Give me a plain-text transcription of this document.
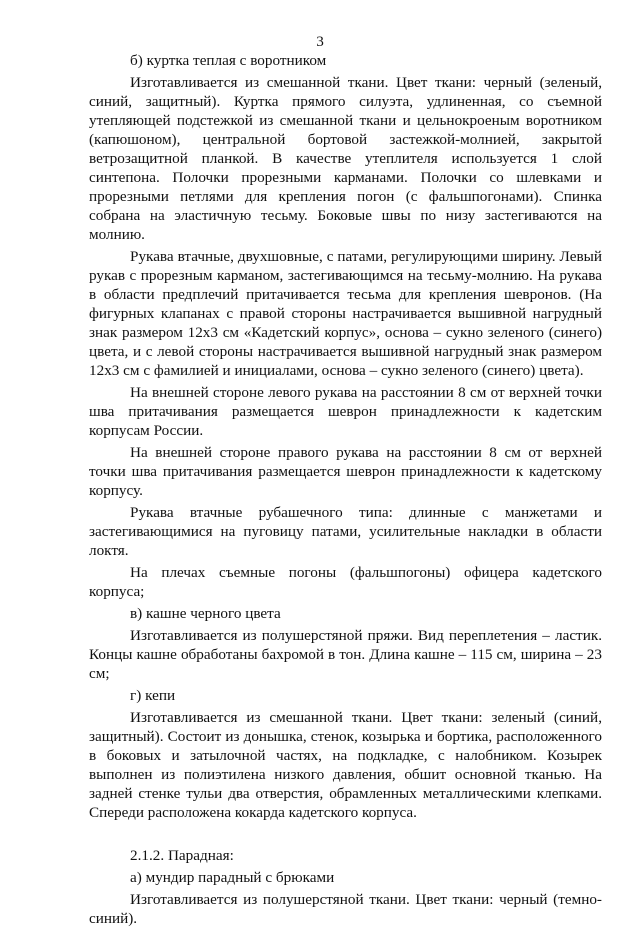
3
б) куртка теплая с воротником
Изготавливается из смешанной ткани. Цвет ткани: черный (зеленый, синий, защитный). Куртка прямого силуэта, удлиненная, со съемной утепляющей подстежкой из смешанной ткани и цельнокроеным воротником (капюшоном), центральной бортовой застежкой-молнией, закрытой ветрозащитной планкой. В качестве утеплителя используется 1 слой синтепона. Полочки прорезными карманами. Полочки со шлевками и прорезными петлями для крепления погон (с фальшпогонами). Спинка собрана на эластичную тесьму. Боковые швы по низу застегиваются на молнию.
Рукава втачные, двухшовные, с патами, регулирующими ширину. Левый рукав с прорезным карманом, застегивающимся на тесьму-молнию. На рукава в области предплечий притачивается тесьма для крепления шевронов. (На фигурных клапанах с правой стороны настрачивается вышивной нагрудный знак размером 12х3 см «Кадетский корпус», основа – сукно зеленого (синего) цвета, и с левой стороны настрачивается вышивной нагрудный знак размером 12х3 см с фамилией и инициалами, основа – сукно зеленого (синего) цвета).
На внешней стороне левого рукава на расстоянии 8 см от верхней точки шва притачивания размещается шеврон принадлежности к кадетским корпусам России.
На внешней стороне правого рукава на расстоянии 8 см от верхней точки шва притачивания размещается шеврон принадлежности к кадетскому корпусу.
Рукава втачные рубашечного типа: длинные с манжетами и застегивающимися на пуговицу патами, усилительные накладки в области локтя.
На плечах съемные погоны (фальшпогоны) офицера кадетского корпуса;
в) кашне черного цвета
Изготавливается из полушерстяной пряжи. Вид переплетения – ластик. Концы кашне обработаны бахромой в тон. Длина кашне – 115 см, ширина – 23 см;
г) кепи
Изготавливается из смешанной ткани. Цвет ткани: зеленый (синий, защитный). Состоит из донышка, стенок, козырька и бортика, расположенного в боковых и затылочной частях, на подкладке, с налобником. Козырек выполнен из полиэтилена низкого давления, обшит основной тканью. На задней стенке тульи два отверстия, обрамленных металлическими клепками. Спереди расположена кокарда кадетского корпуса.
2.1.2. Парадная:
а) мундир парадный с брюками
Изготавливается из полушерстяной ткани. Цвет ткани: черный (темно-синий).
